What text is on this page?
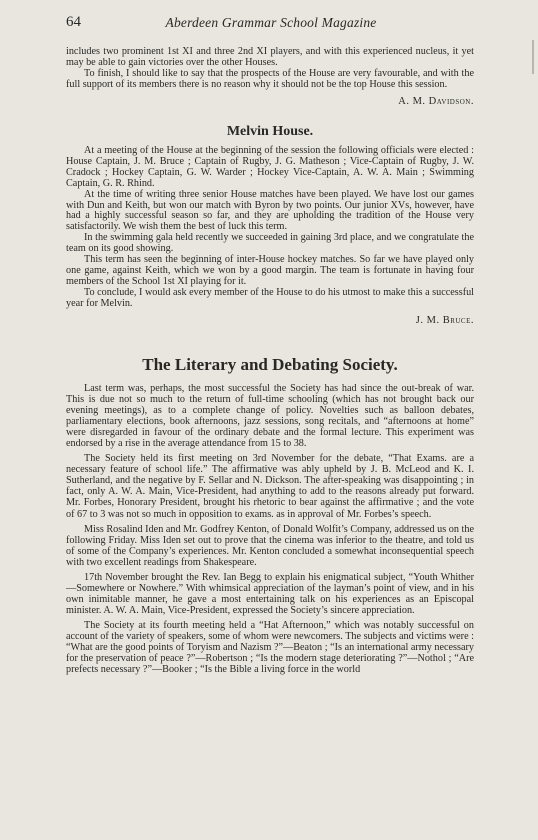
64	Aberdeen Grammar School Magazine

includes two prominent 1st XI and three 2nd XI players, and with this experienced nucleus, it yet may be able to gain victories over the other Houses.

To finish, I should like to say that the prospects of the House are very favourable, and with the full support of its members there is no reason why it should not be the top House this session.

A. M. Davidson.
Melvin House.

At a meeting of the House at the beginning of the session the following officials were elected : House Captain, J. M. Bruce ; Captain of Rugby, J. G. Matheson ; Vice-Captain of Rugby, J. W. Cradock ; Hockey Captain, G. W. Warder ; Hockey Vice-Captain, A. W. A. Main ; Swimming Captain, G. R. Rhind.

At the time of writing three senior House matches have been played. We have lost our games with Dun and Keith, but won our match with Byron by two points. Our junior XVs, however, have had a highly successful season so far, and they are upholding the tradition of the House very satisfactorily. We wish them the best of luck this term.

In the swimming gala held recently we succeeded in gaining 3rd place, and we congratulate the team on its good showing.

This term has seen the beginning of inter-House hockey matches. So far we have played only one game, against Keith, which we won by a good margin. The team is fortunate in having four members of the School 1st XI playing for it.

To conclude, I would ask every member of the House to do his utmost to make this a successful year for Melvin.

J. M. Bruce.
The Literary and Debating Society.

Last term was, perhaps, the most successful the Society has had since the out-break of war. This is due not so much to the return of full-time schooling (which has not brought back our evening meetings), as to a complete change of policy. Novelties such as balloon debates, parliamentary elections, book afternoons, jazz sessions, song recitals, and “afternoons at home” were disregarded in favour of the ordinary debate and the formal lecture. This experiment was endorsed by a rise in the average attendance from 15 to 38.

The Society held its first meeting on 3rd November for the debate, “That Exams. are a necessary feature of school life.” The affirmative was ably upheld by J. B. McLeod and K. I. Sutherland, and the negative by F. Sellar and N. Dickson. The after-speaking was disappointing ; in fact, only A. W. A. Main, Vice-President, had anything to add to the reasons already put forward. Mr. Forbes, Honorary President, brought his rhetoric to bear against the affirmative ; and the vote of 67 to 3 was not so much in opposition to exams. as in approval of Mr. Forbes’s speech.

Miss Rosalind Iden and Mr. Godfrey Kenton, of Donald Wolfit’s Company, addressed us on the following Friday. Miss Iden set out to prove that the cinema was inferior to the theatre, and told us of some of the Company’s experiences. Mr. Kenton concluded a somewhat inconsequential speech with two excellent readings from Shakespeare.

17th November brought the Rev. Ian Begg to explain his enigmatical subject, “Youth Whither—Somewhere or Nowhere.” With whimsical appreciation of the layman’s point of view, and in his own inimitable manner, he gave a most entertaining talk on his experiences as an Episcopal minister. A. W. A. Main, Vice-President, expressed the Society’s sincere appreciation.

The Society at its fourth meeting held a “Hat Afternoon,” which was notably successful on account of the variety of speakers, some of whom were newcomers. The subjects and victims were : “What are the good points of Toryism and Nazism ?”—Beaton ; “Is an international army necessary for the preservation of peace ?”—Robertson ; “Is the modern stage deteriorating ?”—Nothol ; “Are prefects necessary ?”—Booker ; “Is the Bible a living force in the world
